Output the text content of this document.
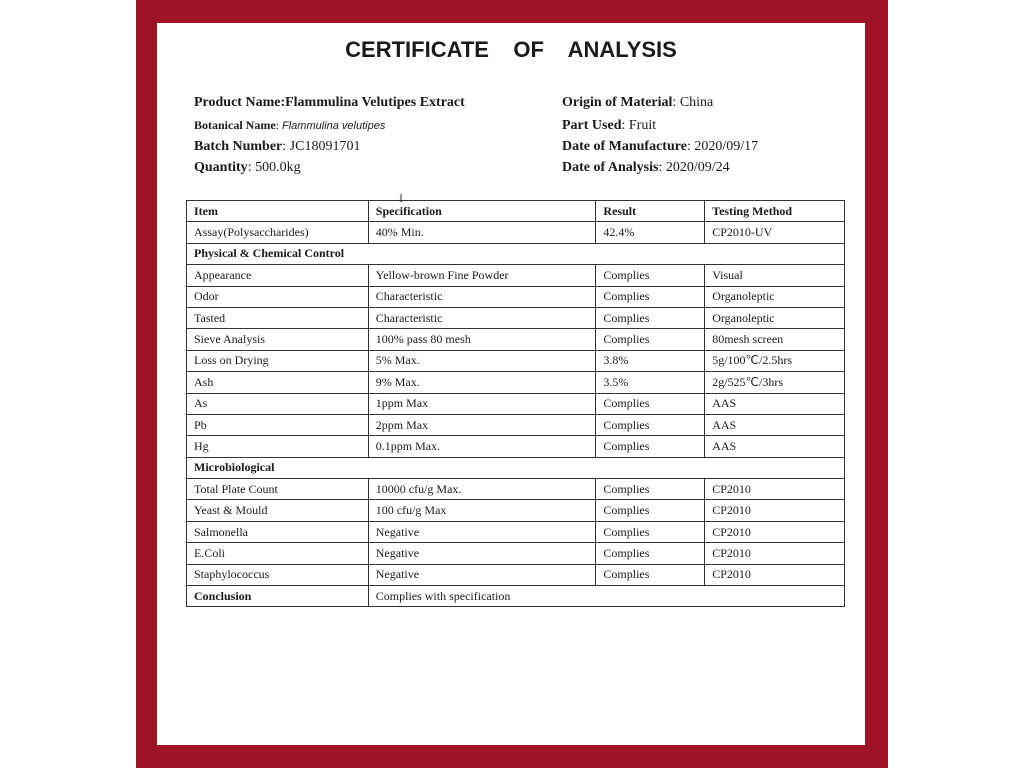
CERTIFICATE    OF    ANALYSIS
Product Name:Flammulina Velutipes Extract
Botanical Name: Flammulina velutipes
Batch Number: JC18091701
Quantity: 500.0kg
Origin of Material: China
Part Used: Fruit
Date of Manufacture: 2020/09/17
Date of Analysis: 2020/09/24
I
Item	Specification	Result	Testing Method
Assay(Polysaccharides)	40% Min.	42.4%	CP2010-UV
Physical & Chemical Control			
Appearance	Yellow-brown Fine Powder	Complies	Visual
Odor	Characteristic	Complies	Organoleptic
Tasted	Characteristic	Complies	Organoleptic
Sieve Analysis	100% pass 80 mesh	Complies	80mesh screen
Loss on Drying	5% Max.	3.8%	5g/100℃/2.5hrs
Ash	9% Max.	3.5%	2g/525℃/3hrs
As	1ppm Max	Complies	AAS
Pb	2ppm Max	Complies	AAS
Hg	0.1ppm Max.	Complies	AAS
Microbiological			
Total Plate Count	10000 cfu/g Max.	Complies	CP2010
Yeast & Mould	100 cfu/g Max	Complies	CP2010
Salmonella	Negative	Complies	CP2010
E.Coli	Negative	Complies	CP2010
Staphylococcus	Negative	Complies	CP2010
Conclusion	Complies with specification		
